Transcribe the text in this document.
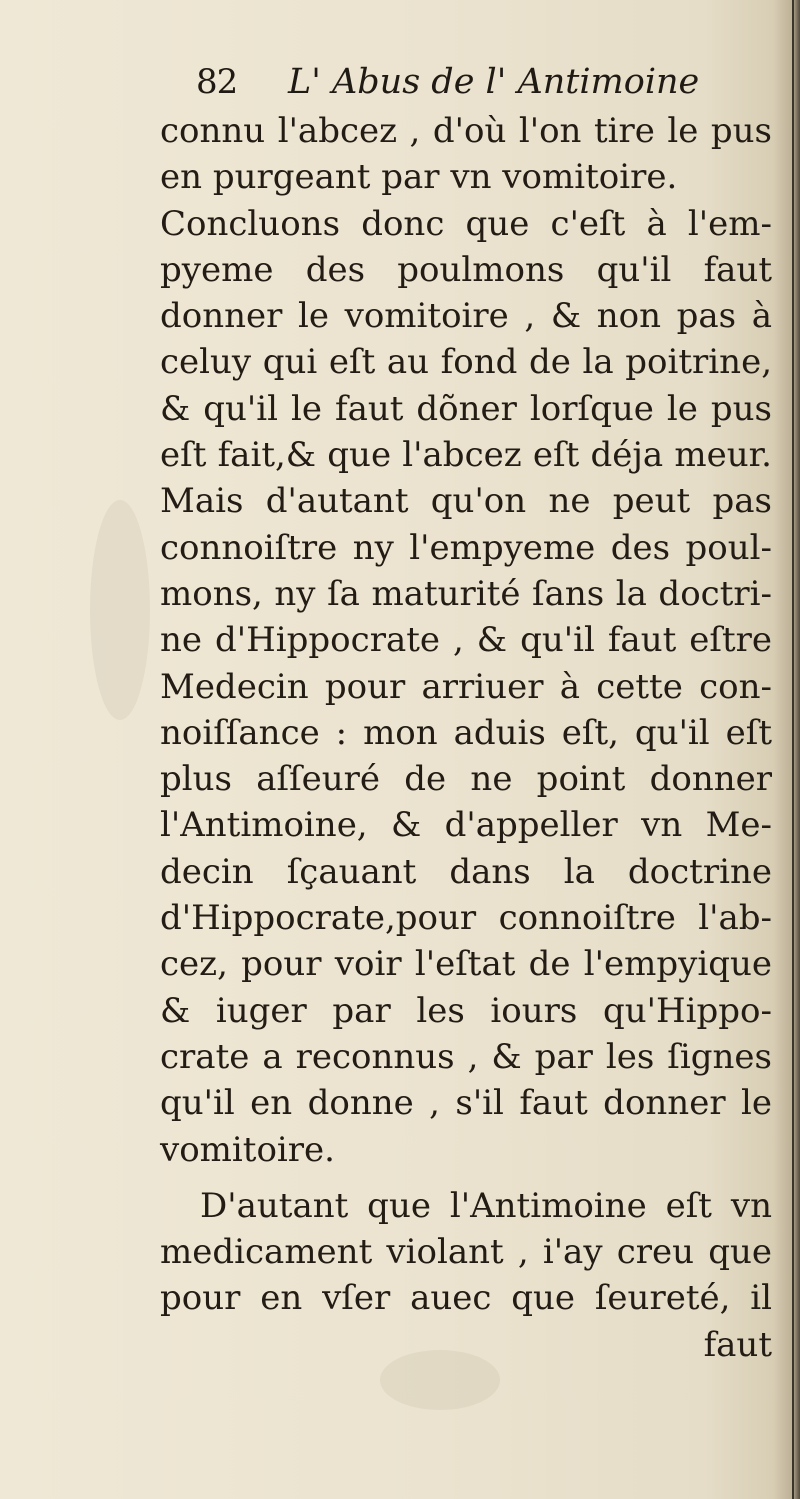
82 L' Abus de l' Antimoine
connu l'abcez , d'où l'on tire le pus
en purgeant par vn vomitoire.
Concluons donc que c'eſt à l'em-
pyeme des poulmons qu'il faut
donner le vomitoire , & non pas à
celuy qui eſt au fond de la poitrine,
& qu'il le faut dõner lorſque le pus
eſt fait,& que l'abcez eſt déja meur.
Mais d'autant qu'on ne peut pas
connoiſtre ny l'empyeme des poul-
mons, ny ſa maturité ſans la doctri-
ne d'Hippocrate , & qu'il faut eſtre
Medecin pour arriuer à cette con-
noiſſance : mon aduis eſt, qu'il eſt
plus aſſeuré de ne point donner
l'Antimoine, & d'appeller vn Me-
decin ſçauant dans la doctrine
d'Hippocrate,pour connoiſtre l'ab-
cez, pour voir l'eſtat de l'empyique
& iuger par les iours qu'Hippo-
crate a reconnus , & par les ſignes
qu'il en donne , s'il faut donner le
vomitoire.
D'autant que l'Antimoine eſt vn
medicament violant , i'ay creu que
pour en vſer auec que ſeureté, il
faut
